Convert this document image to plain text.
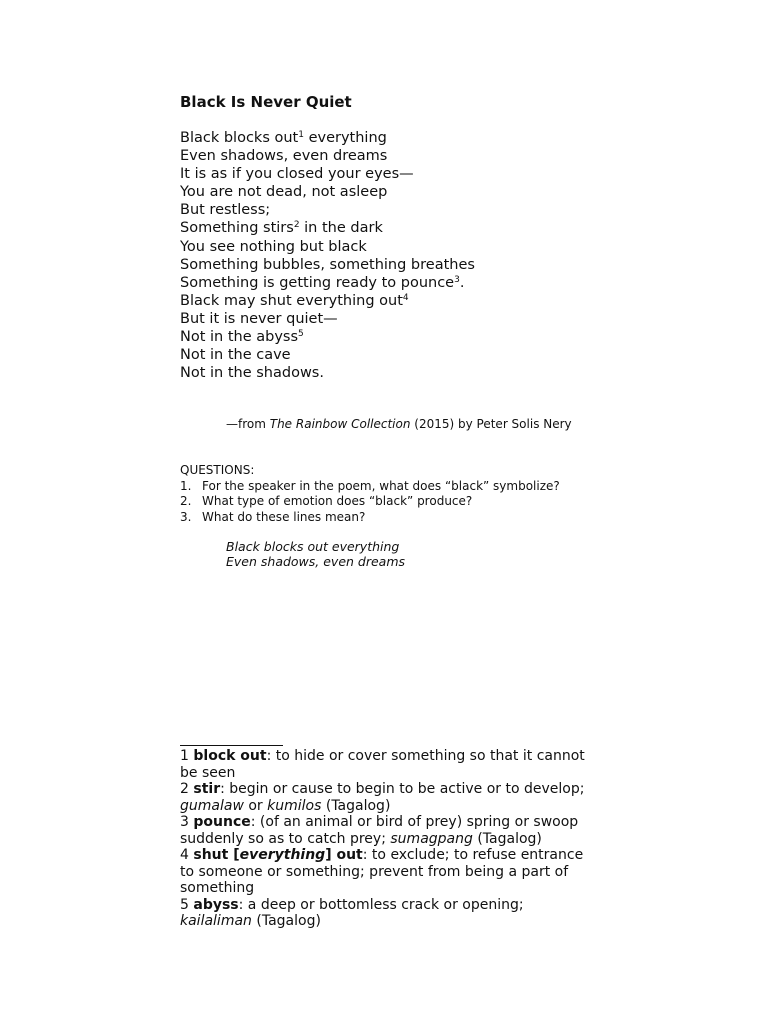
Black Is Never Quiet
Black blocks out$^1$ everything
Even shadows, even dreams
It is as if you closed your eyes—
You are not dead, not asleep
But restless;
Something stirs$^2$ in the dark
You see nothing but black
Something bubbles, something breathes
Something is getting ready to pounce$^3$.
Black may shut everything out$^4$
But it is never quiet—
Not in the abyss$^5$
Not in the cave
Not in the shadows.

—from The Rainbow Collection (2015) by Peter Solis Nery

QUESTIONS:
1. For the speaker in the poem, what does “black” symbolize?
2. What type of emotion does “black” produce?
3. What do these lines mean?
Black blocks out everything
Even shadows, even dreams

1 block out: to hide or cover something so that it cannot be seen

2 stir: begin or cause to begin to be active or to develop; gumalaw or kumilos (Tagalog)

3 pounce: (of an animal or bird of prey) spring or swoop suddenly so as to catch prey; sumagpang (Tagalog)

4 shut [everything] out: to exclude; to refuse entrance to someone or something; prevent from being a part of something

5 abyss: a deep or bottomless crack or opening; kailaliman (Tagalog)
